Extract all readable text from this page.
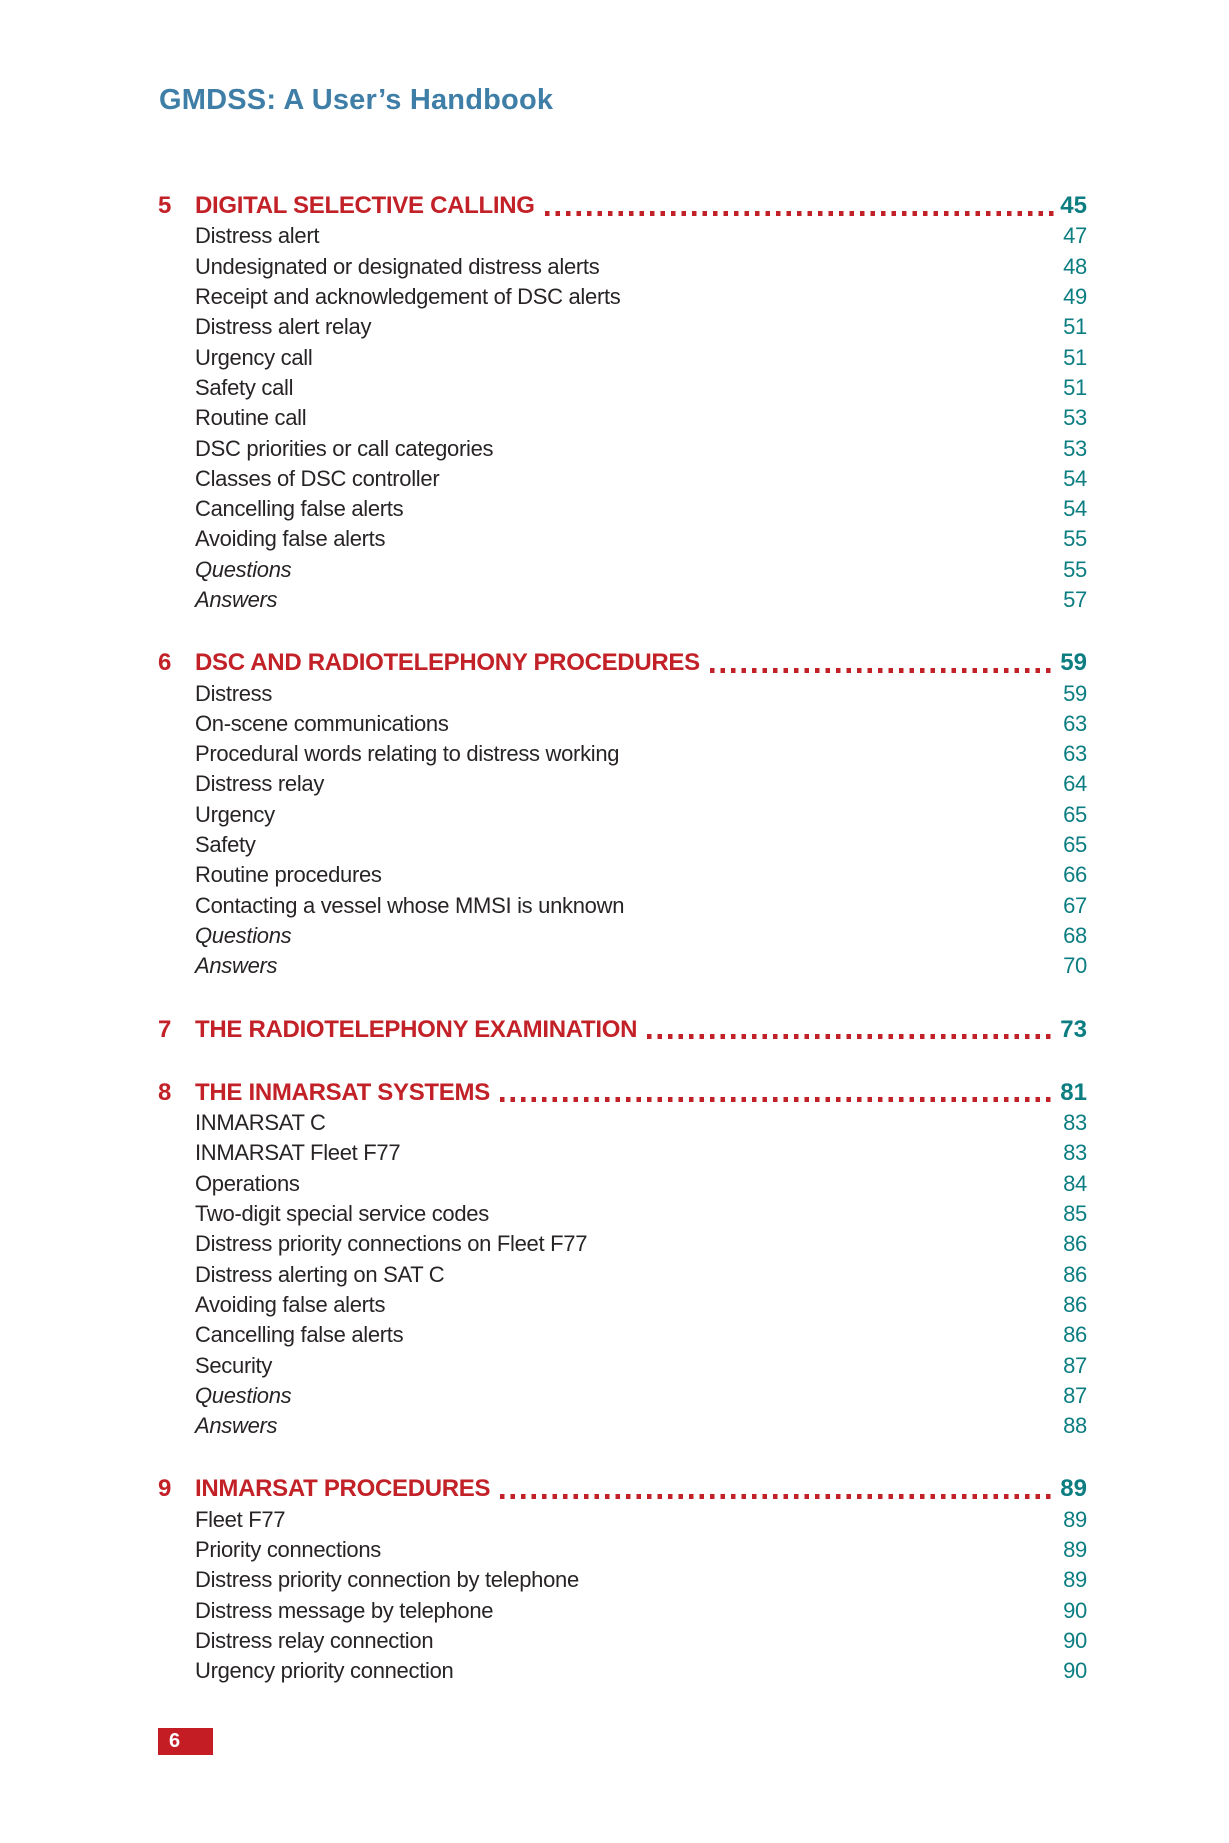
GMDSS: A User’s Handbook
5 DIGITAL SELECTIVE CALLING	45
Distress alert	47
Undesignated or designated distress alerts	48
Receipt and acknowledgement of DSC alerts	49
Distress alert relay	51
Urgency call	51
Safety call	51
Routine call	53
DSC priorities or call categories	53
Classes of DSC controller	54
Cancelling false alerts	54
Avoiding false alerts	55
Questions	55
Answers	57
6 DSC AND RADIOTELEPHONY PROCEDURES	59
Distress	59
On-scene communications	63
Procedural words relating to distress working	63
Distress relay	64
Urgency	65
Safety	65
Routine procedures	66
Contacting a vessel whose MMSI is unknown	67
Questions	68
Answers	70
7 THE RADIOTELEPHONY EXAMINATION	73
8 THE INMARSAT SYSTEMS	81
INMARSAT C	83
INMARSAT Fleet F77	83
Operations	84
Two-digit special service codes	85
Distress priority connections on Fleet F77	86
Distress alerting on SAT C	86
Avoiding false alerts	86
Cancelling false alerts	86
Security	87
Questions	87
Answers	88
9 INMARSAT PROCEDURES	89
Fleet F77	89
Priority connections	89
Distress priority connection by telephone	89
Distress message by telephone	90
Distress relay connection	90
Urgency priority connection	90
6
